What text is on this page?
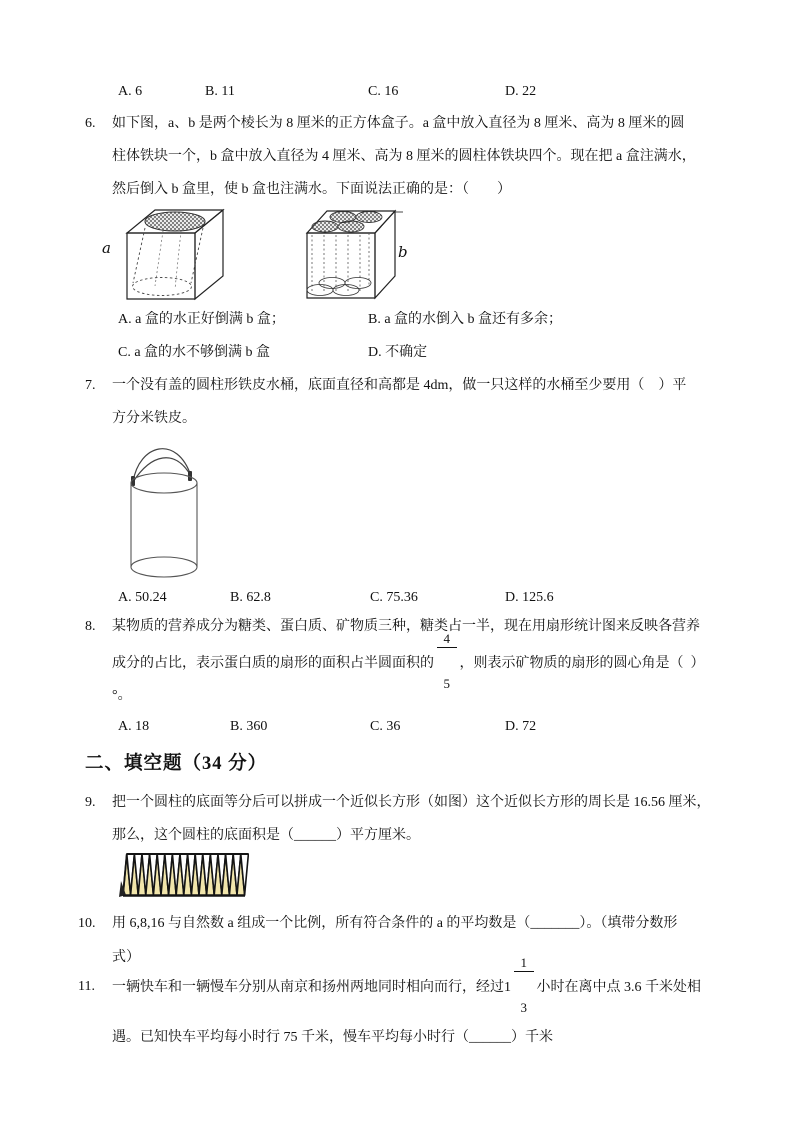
A. 6	B. 11	C. 16	D. 22
6. 如下图，a、b 是两个棱长为 8 厘米的正方体盒子。a 盒中放入直径为 8 厘米、高为 8 厘米的圆
柱体铁块一个，b 盒中放入直径为 4 厘米、高为 8 厘米的圆柱体铁块四个。现在把 a 盒注满水，
然后倒入 b 盒里，使 b 盒也注满水。下面说法正确的是：（　　）
a	b
A. a 盒的水正好倒满 b 盒；	B. a 盒的水倒入 b 盒还有多余；
C. a 盒的水不够倒满 b 盒	D. 不确定
7. 一个没有盖的圆柱形铁皮水桶，底面直径和高都是 4dm，做一只这样的水桶至少要用（　）平
方分米铁皮。
A. 50.24	B. 62.8	C. 75.36	D. 125.6
8. 某物质的营养成分为糖类、蛋白质、矿物质三种，糖类占一半，现在用扇形统计图来反映各营养
成分的占比，表示蛋白质的扇形的面积占半圆面积的

$\frac{4}{5}$

，则表示矿物质的扇形的圆心角是（  ）
°。
A. 18	B. 360	C. 36	D. 72
二、填空题（34 分）
9. 把一个圆柱的底面等分后可以拼成一个近似长方形（如图）这个近似长方形的周长是 16.56 厘米，
那么，这个圆柱的底面积是（______）平方厘米。
10. 用 6,8,16 与自然数 a 组成一个比例，所有符合条件的 a 的平均数是（_______）。（填带分数形
式）
11. 一辆快车和一辆慢车分别从南京和扬州两地同时相向而行，经过1

$\frac{1}{3}$

小时在离中点 3.6 千米处相
遇。已知快车平均每小时行 75 千米，慢车平均每小时行（______）千米
